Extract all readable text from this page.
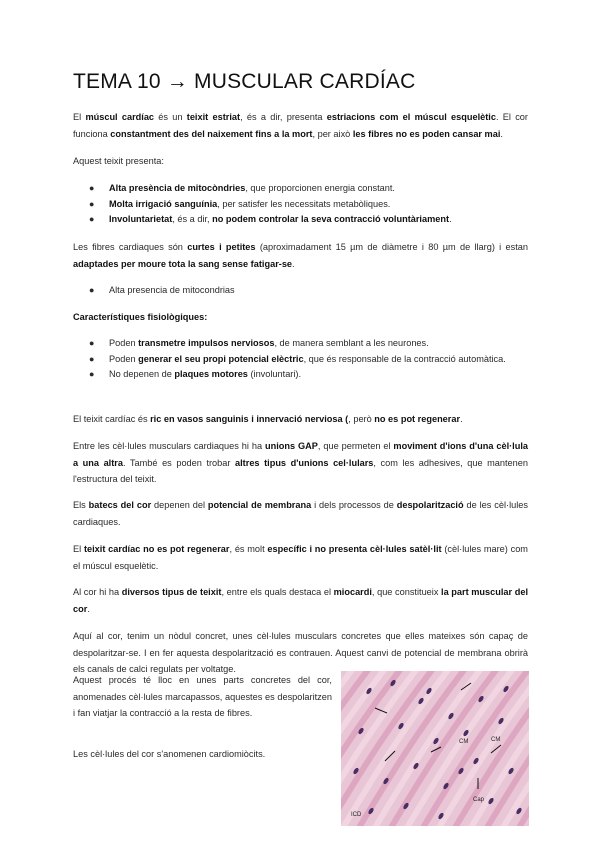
TEMA 10 → MUSCULAR CARDÍAC

El múscul cardíac és un teixit estriat, és a dir, presenta estriacions com el múscul esquelètic. El cor funciona constantment des del naixement fins a la mort, per això les fibres no es poden cansar mai.

Aquest teixit presenta:

● Alta presència de mitocòndries, que proporcionen energia constant.
● Molta irrigació sanguínia, per satisfer les necessitats metabòliques.
● Involuntarietat, és a dir, no podem controlar la seva contracció voluntàriament.

Les fibres cardiaques són curtes i petites (aproximadament 15 µm de diàmetre i 80 µm de llarg) i estan adaptades per moure tota la sang sense fatigar-se.

● Alta presencia de mitocondrias

Característiques fisiològiques:

● Poden transmetre impulsos nerviosos, de manera semblant a les neurones.
● Poden generar el seu propi potencial elèctric, que és responsable de la contracció automàtica.
● No depenen de plaques motores (involuntari).

El teixit cardíac és ric en vasos sanguinis i innervació nerviosa (, però no es pot regenerar.

Entre les cèl·lules musculars cardiaques hi ha unions GAP, que permeten el moviment d'ions d'una cèl·lula a una altra. També es poden trobar altres tipus d'unions cel·lulars, com les adhesives, que mantenen l'estructura del teixit.

Els batecs del cor depenen del potencial de membrana i dels processos de despolarització de les cèl·lules cardiaques.

El teixit cardíac no es pot regenerar, és molt específic i no presenta cèl·lules satèl·lit (cèl·lules mare) com el múscul esquelètic.

Al cor hi ha diversos tipus de teixit, entre els quals destaca el miocardi, que constitueix la part muscular del cor.

Aquí al cor, tenim un nòdul concret, unes cèl·lules musculars concretes que elles mateixes són capaç de despolaritzar-se. I en fer aquesta despolarització es contrauen. Aquest canvi de potencial de membrana obrirà els canals de calci regulats per voltatge.

Aquest procés té lloc en unes parts concretes del cor, anomenades cèl·lules marcapassos, aquestes es despolaritzen i fan viatjar la contracció a la resta de fibres.

Les cèl·lules del cor s'anomenen cardiomiòcits.

CM
Cap
CM
ICD
